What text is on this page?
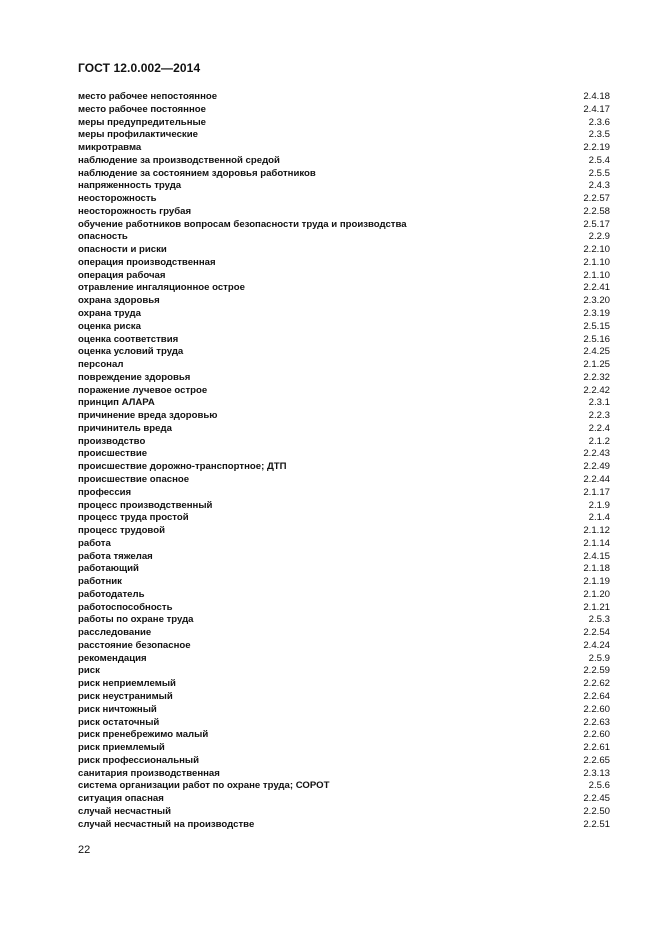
ГОСТ 12.0.002—2014
место рабочее непостоянное	2.4.18
место рабочее постоянное	2.4.17
меры предупредительные	2.3.6
меры профилактические	2.3.5
микротравма	2.2.19
наблюдение за производственной средой	2.5.4
наблюдение за состоянием здоровья работников	2.5.5
напряженность труда	2.4.3
неосторожность	2.2.57
неосторожность грубая	2.2.58
обучение работников вопросам безопасности труда и производства	2.5.17
опасность	2.2.9
опасности и риски	2.2.10
операция производственная	2.1.10
операция рабочая	2.1.10
отравление ингаляционное острое	2.2.41
охрана здоровья	2.3.20
охрана труда	2.3.19
оценка риска	2.5.15
оценка соответствия	2.5.16
оценка условий труда	2.4.25
персонал	2.1.25
повреждение здоровья	2.2.32
поражение лучевое острое	2.2.42
принцип АЛАРА	2.3.1
причинение вреда здоровью	2.2.3
причинитель вреда	2.2.4
производство	2.1.2
происшествие	2.2.43
происшествие дорожно-транспортное; ДТП	2.2.49
происшествие опасное	2.2.44
профессия	2.1.17
процесс производственный	2.1.9
процесс труда простой	2.1.4
процесс трудовой	2.1.12
работа	2.1.14
работа тяжелая	2.4.15
работающий	2.1.18
работник	2.1.19
работодатель	2.1.20
работоспособность	2.1.21
работы по охране труда	2.5.3
расследование	2.2.54
расстояние безопасное	2.4.24
рекомендация	2.5.9
риск	2.2.59
риск неприемлемый	2.2.62
риск неустранимый	2.2.64
риск ничтожный	2.2.60
риск остаточный	2.2.63
риск пренебрежимо малый	2.2.60
риск приемлемый	2.2.61
риск профессиональный	2.2.65
санитария производственная	2.3.13
система организации работ по охране труда; СОРОТ	2.5.6
ситуация опасная	2.2.45
случай несчастный	2.2.50
случай несчастный на производстве	2.2.51
22
